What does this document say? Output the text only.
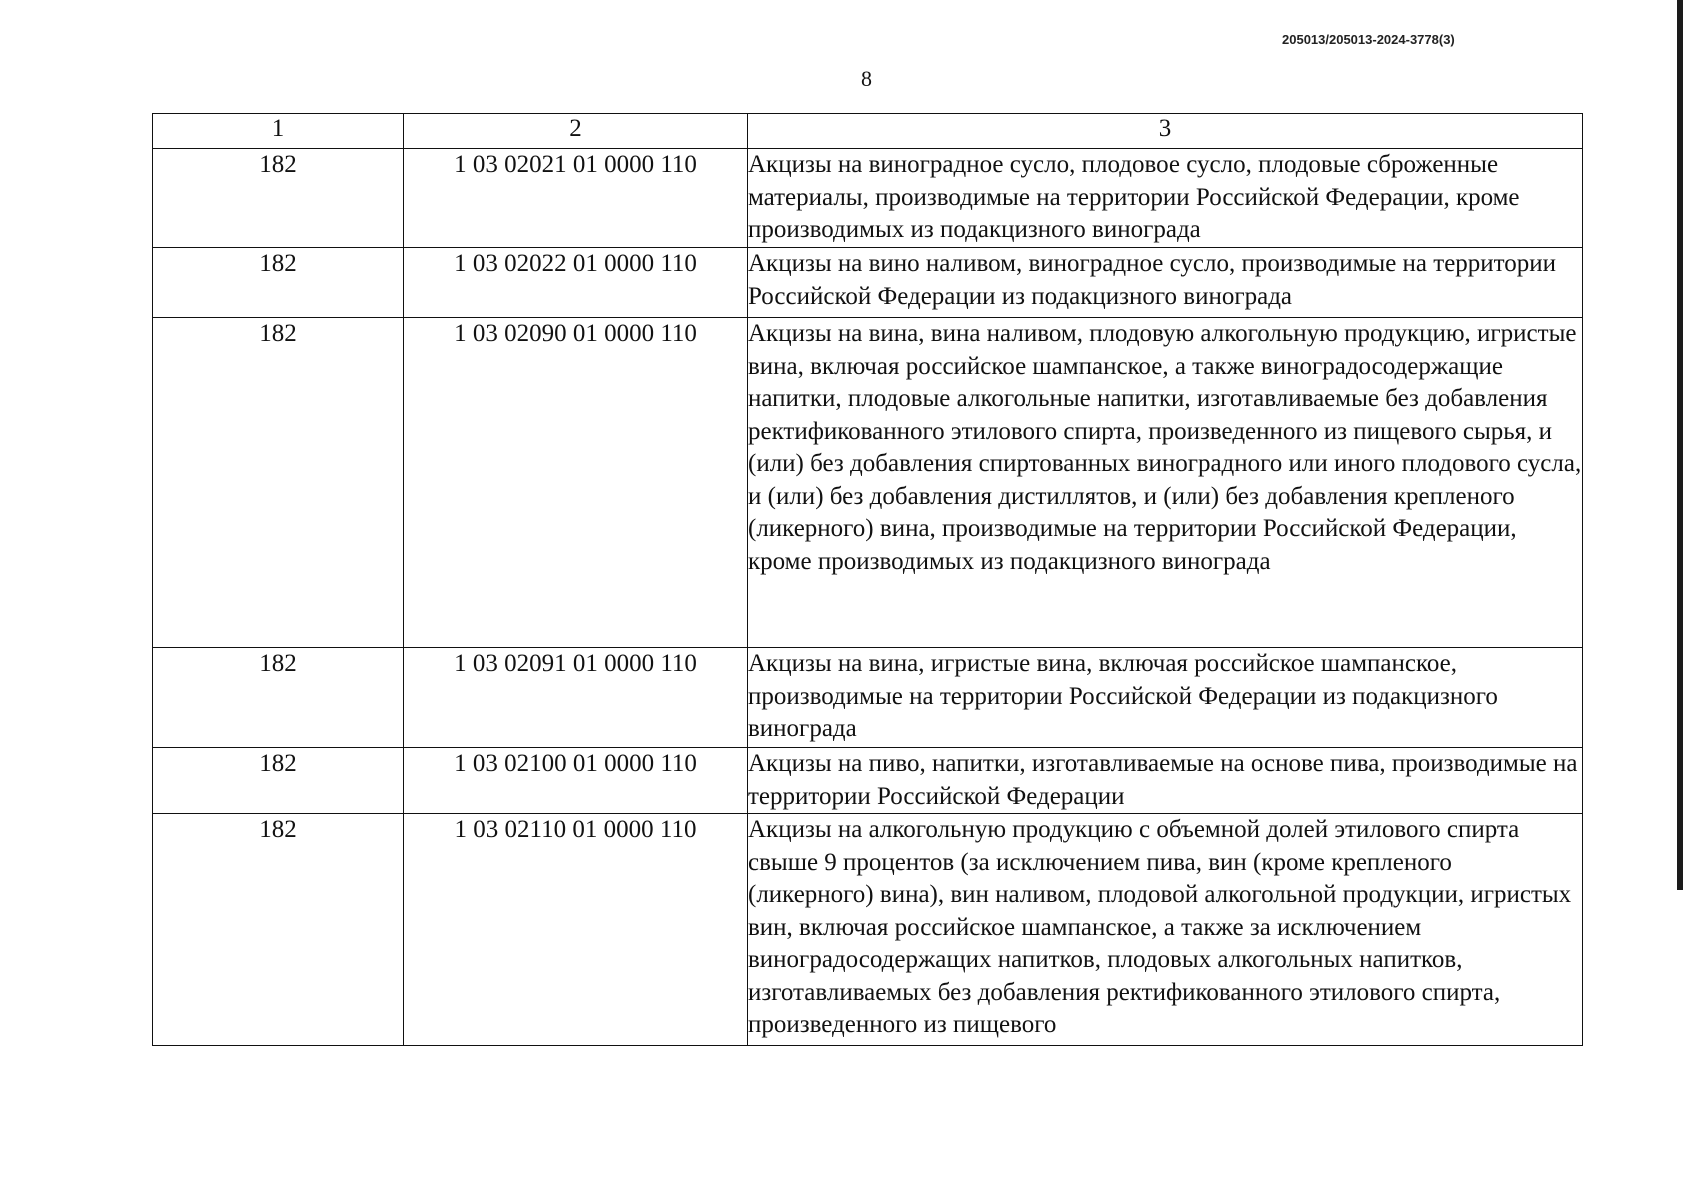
205013/205013-2024-3778(3)
8
1	2	3
182	1 03 02021 01 0000 110	Акцизы на виноградное сусло, плодовое сусло, плодовые сброженные материалы, производимые на территории Российской Федерации, кроме производимых из подакцизного винограда
182	1 03 02022 01 0000 110	Акцизы на вино наливом, виноградное сусло, производимые на территории Российской Федерации из подакцизного винограда
182	1 03 02090 01 0000 110	Акцизы на вина, вина наливом, плодовую алкогольную продукцию, игристые вина, включая российское шампанское, а также виноградосодержащие напитки, плодовые алкогольные напитки, изготавливаемые без добавления ректификованного этилового спирта, произведенного из пищевого сырья, и (или) без добавления спиртованных виноградного или иного плодового сусла, и (или) без добавления дистиллятов, и (или) без добавления крепленого (ликерного) вина, производимые на территории Российской Федерации, кроме производимых из подакцизного винограда
182	1 03 02091 01 0000 110	Акцизы на вина, игристые вина, включая российское шампанское, производимые на территории Российской Федерации из подакцизного винограда
182	1 03 02100 01 0000 110	Акцизы на пиво, напитки, изготавливаемые на основе пива, производимые на территории Российской Федерации
182	1 03 02110 01 0000 110	Акцизы на алкогольную продукцию с объемной долей этилового спирта свыше 9 процентов (за исключением пива, вин (кроме крепленого (ликерного) вина), вин наливом, плодовой алкогольной продукции, игристых вин, включая российское шампанское, а также за исключением виноградосодержащих напитков, плодовых алкогольных напитков, изготавливаемых без добавления ректификованного этилового спирта, произведенного из пищевого
